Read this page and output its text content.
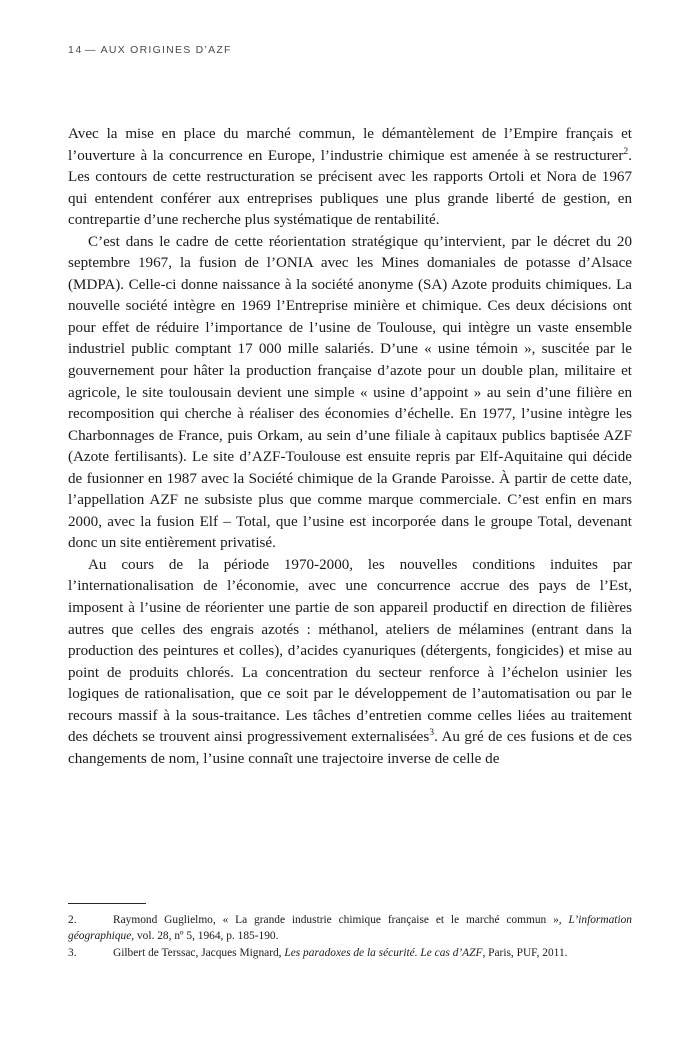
14 — AUX ORIGINES D’AZF

Avec la mise en place du marché commun, le démantèlement de l’Empire français et l’ouverture à la concurrence en Europe, l’industrie chimique est amenée à se restructurer$^2$. Les contours de cette restructuration se précisent avec les rapports Ortoli et Nora de 1967 qui entendent conférer aux entreprises publiques une plus grande liberté de gestion, en contrepartie d’une recherche plus systématique de rentabilité.

C’est dans le cadre de cette réorientation stratégique qu’intervient, par le décret du 20 septembre 1967, la fusion de l’ONIA avec les Mines domaniales de potasse d’Alsace (MDPA). Celle-ci donne naissance à la société anonyme (SA) Azote produits chimiques. La nouvelle société intègre en 1969 l’Entreprise minière et chimique. Ces deux décisions ont pour effet de réduire l’importance de l’usine de Toulouse, qui intègre un vaste ensemble industriel public comptant 17 000 mille salariés. D’une « usine témoin », suscitée par le gouvernement pour hâter la production française d’azote pour un double plan, militaire et agricole, le site toulousain devient une simple « usine d’appoint » au sein d’une filière en recomposition qui cherche à réaliser des économies d’échelle. En 1977, l’usine intègre les Charbonnages de France, puis Orkam, au sein d’une filiale à capitaux publics baptisée AZF (Azote fertilisants). Le site d’AZF-Toulouse est ensuite repris par Elf-Aquitaine qui décide de fusionner en 1987 avec la Société chimique de la Grande Paroisse. À partir de cette date, l’appellation AZF ne subsiste plus que comme marque commerciale. C’est enfin en mars 2000, avec la fusion Elf – Total, que l’usine est incorporée dans le groupe Total, devenant donc un site entièrement privatisé.

Au cours de la période 1970-2000, les nouvelles conditions induites par l’internationalisation de l’économie, avec une concurrence accrue des pays de l’Est, imposent à l’usine de réorienter une partie de son appareil productif en direction de filières autres que celles des engrais azotés : méthanol, ateliers de mélamines (entrant dans la production des peintures et colles), d’acides cyanuriques (détergents, fongicides) et mise au point de produits chlorés. La concentration du secteur renforce à l’échelon usinier les logiques de rationalisation, que ce soit par le développement de l’automatisation ou par le recours massif à la sous-traitance. Les tâches d’entretien comme celles liées au traitement des déchets se trouvent ainsi progressivement externalisées$^3$. Au gré de ces fusions et de ces changements de nom, l’usine connaît une trajectoire inverse de celle de

2.	Raymond Guglielmo, « La grande industrie chimique française et le marché commun », L’information géographique, vol. 28, nº 5, 1964, p. 185-190.
3.	Gilbert de Terssac, Jacques Mignard, Les paradoxes de la sécurité. Le cas d’AZF, Paris, PUF, 2011.
